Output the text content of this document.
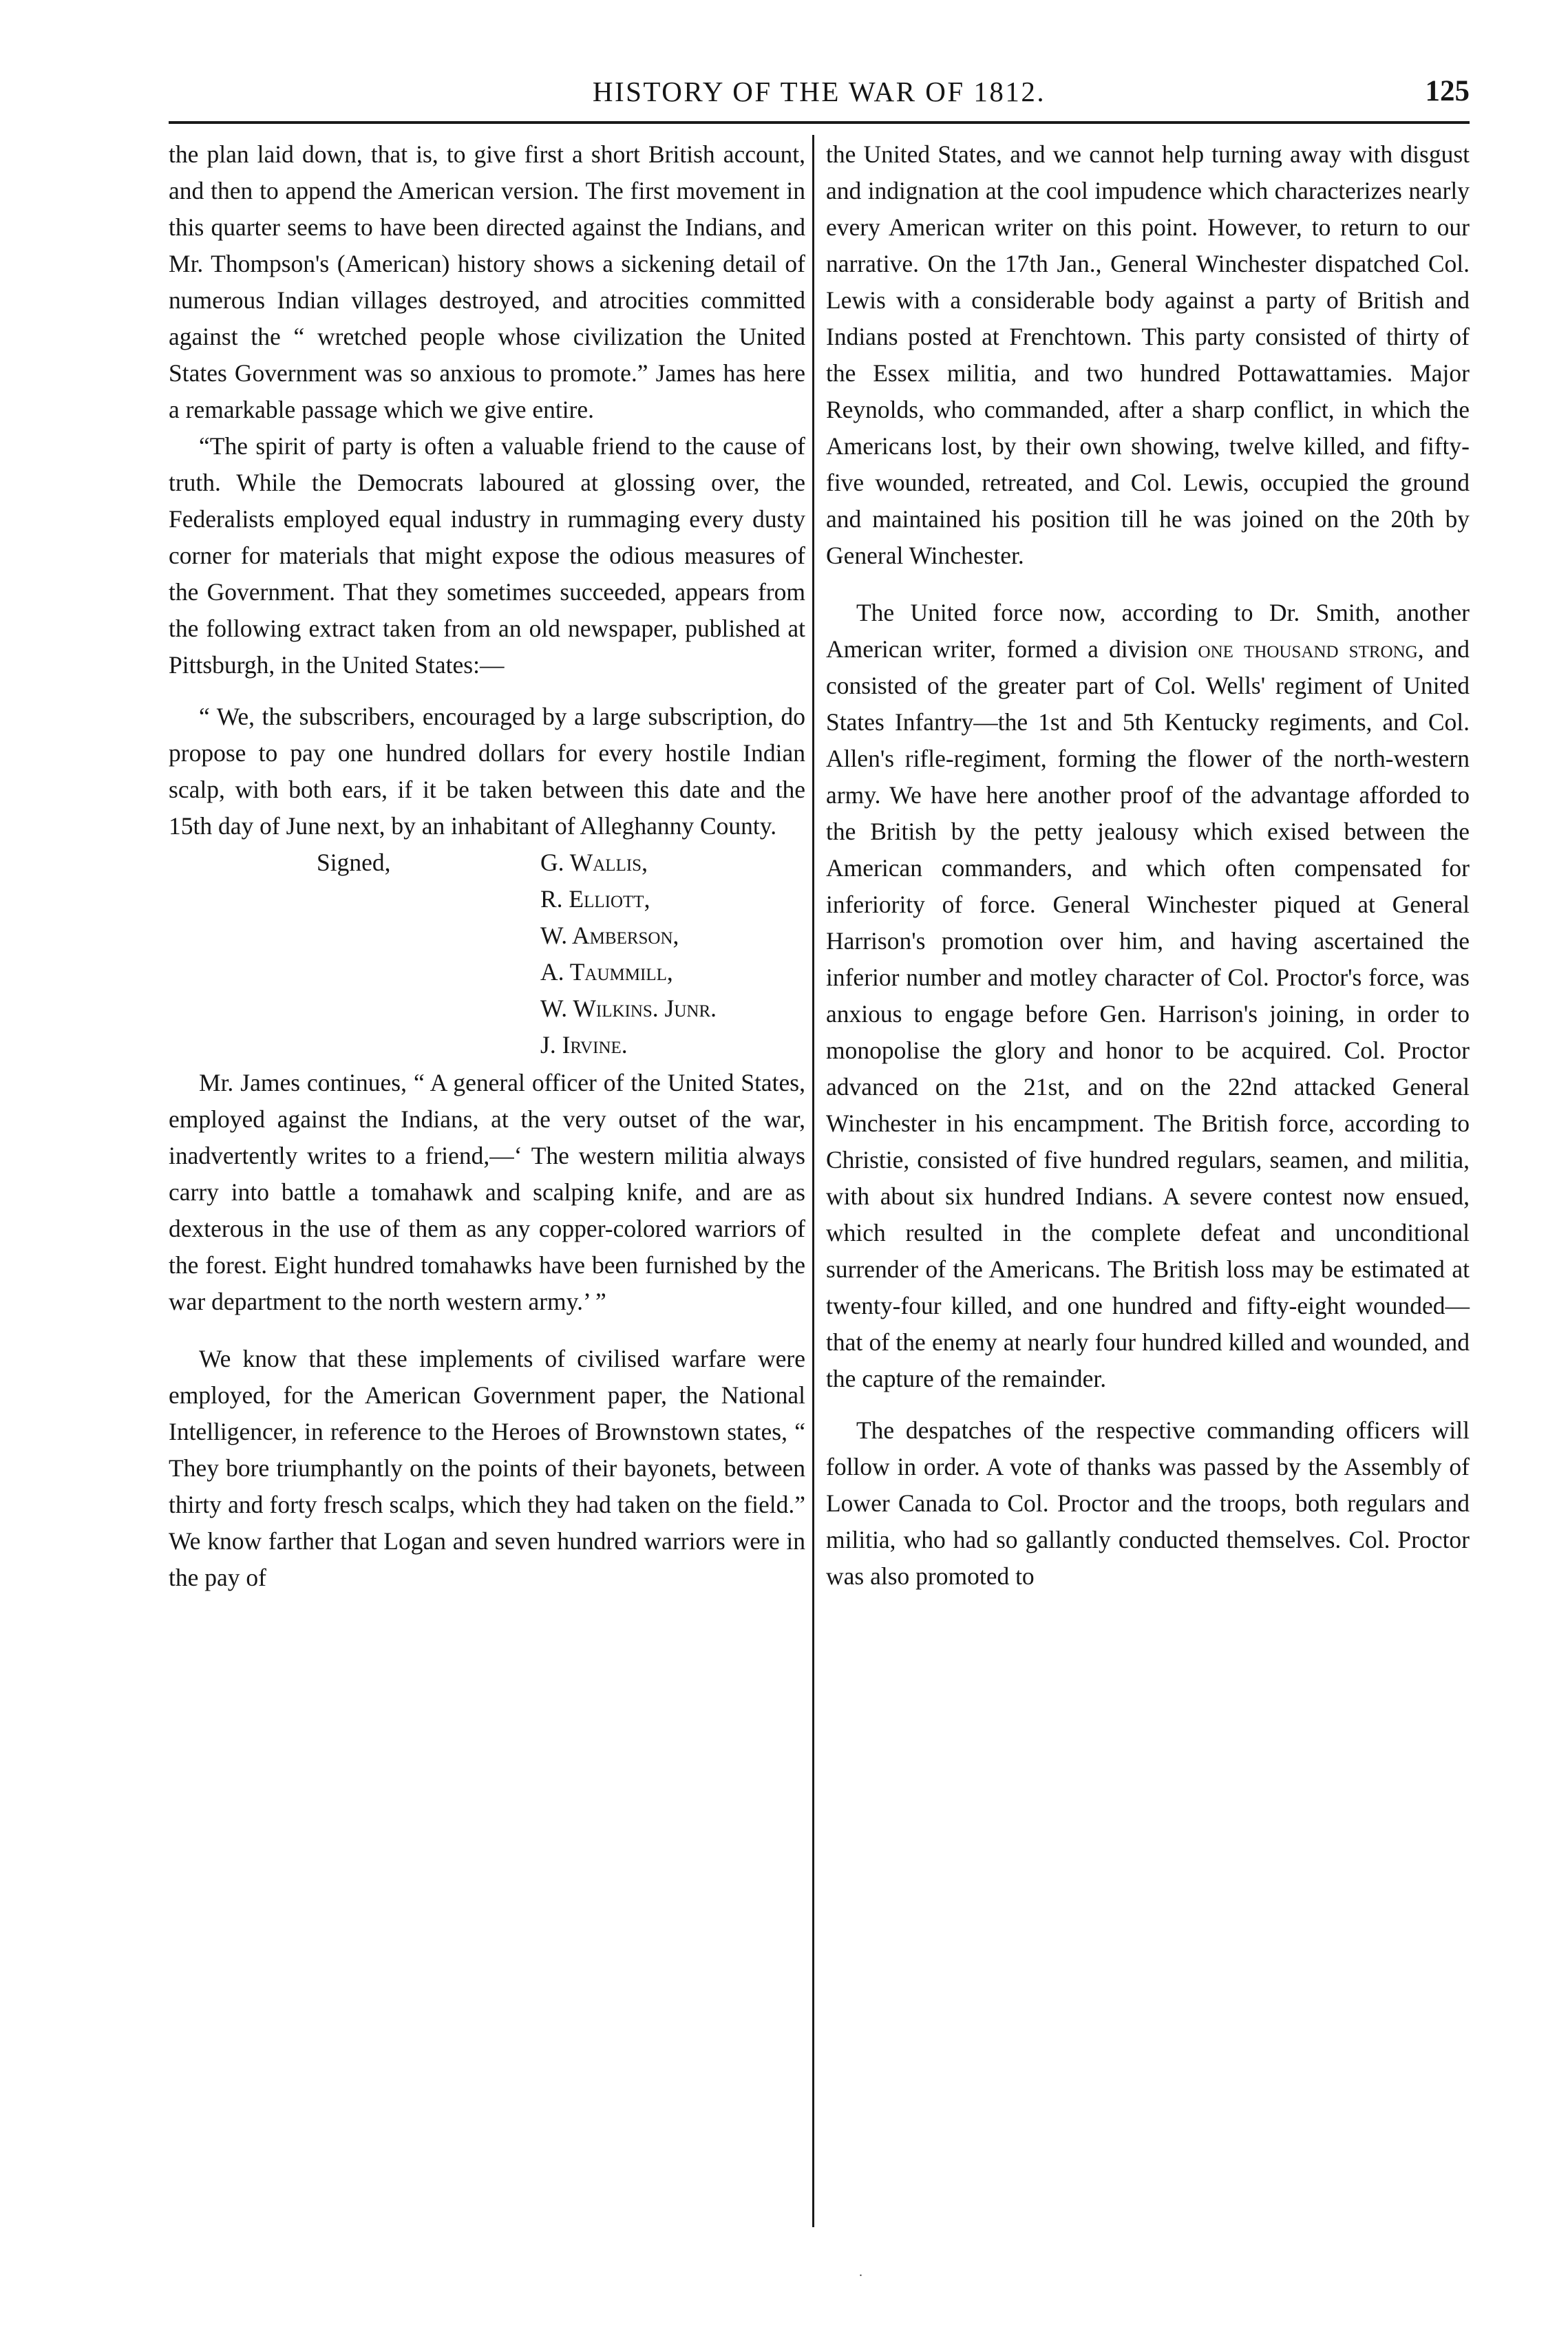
HISTORY OF THE WAR OF 1812.	125

the plan laid down, that is, to give first a short British account, and then to append the American version. The first movement in this quarter seems to have been directed against the Indians, and Mr. Thompson's (American) history shows a sickening detail of numerous Indian villages destroyed, and atrocities committed against the “ wretched people whose civilization the United States Government was so anxious to promote.” James has here a remarkable passage which we give entire.

“The spirit of party is often a valuable friend to the cause of truth. While the Democrats laboured at glossing over, the Federalists employed equal industry in rummaging every dusty corner for materials that might expose the odious measures of the Government. That they sometimes succeeded, appears from the following extract taken from an old newspaper, published at Pittsburgh, in the United States:—

“ We, the subscribers, encouraged by a large subscription, do propose to pay one hundred dollars for every hostile Indian scalp, with both ears, if it be taken between this date and the 15th day of June next, by an inhabitant of Alleghanny County.

Signed,	G. Wallis,
R. Elliott,
W. Amberson,
A. Taummill,
W. Wilkins. Junr.
J. Irvine.

Mr. James continues, “ A general officer of the United States, employed against the Indians, at the very outset of the war, inadvertently writes to a friend,—‘ The western militia always carry into battle a tomahawk and scalping knife, and are as dexterous in the use of them as any copper-colored warriors of the forest. Eight hundred tomahawks have been furnished by the war department to the north western army.’ ”

We know that these implements of civilised warfare were employed, for the American Government paper, the National Intelligencer, in reference to the Heroes of Brownstown states, “ They bore triumphantly on the points of their bayonets, between thirty and forty fresch scalps, which they had taken on the field.” We know farther that Logan and seven hundred warriors were in the pay of

the United States, and we cannot help turning away with disgust and indignation at the cool impudence which characterizes nearly every American writer on this point. However, to return to our narrative. On the 17th Jan., General Winchester dispatched Col. Lewis with a considerable body against a party of British and Indians posted at Frenchtown. This party consisted of thirty of the Essex militia, and two hundred Pottawattamies. Major Reynolds, who commanded, after a sharp conflict, in which the Americans lost, by their own showing, twelve killed, and fifty-five wounded, retreated, and Col. Lewis, occupied the ground and maintained his position till he was joined on the 20th by General Winchester.

The United force now, according to Dr. Smith, another American writer, formed a division one thousand strong, and consisted of the greater part of Col. Wells' regiment of United States Infantry—the 1st and 5th Kentucky regiments, and Col. Allen's rifle-regiment, forming the flower of the north-western army. We have here another proof of the advantage afforded to the British by the petty jealousy which exised between the American commanders, and which often compensated for inferiority of force. General Winchester piqued at General Harrison's promotion over him, and having ascertained the inferior number and motley character of Col. Proctor's force, was anxious to engage before Gen. Harrison's joining, in order to monopolise the glory and honor to be acquired. Col. Proctor advanced on the 21st, and on the 22nd attacked General Winchester in his encampment. The British force, according to Christie, consisted of five hundred regulars, seamen, and militia, with about six hundred Indians. A severe contest now ensued, which resulted in the complete defeat and unconditional surrender of the Americans. The British loss may be estimated at twenty-four killed, and one hundred and fifty-eight wounded—that of the enemy at nearly four hundred killed and wounded, and the capture of the remainder.

The despatches of the respective commanding officers will follow in order. A vote of thanks was passed by the Assembly of Lower Canada to Col. Proctor and the troops, both regulars and militia, who had so gallantly conducted themselves. Col. Proctor was also promoted to

.
